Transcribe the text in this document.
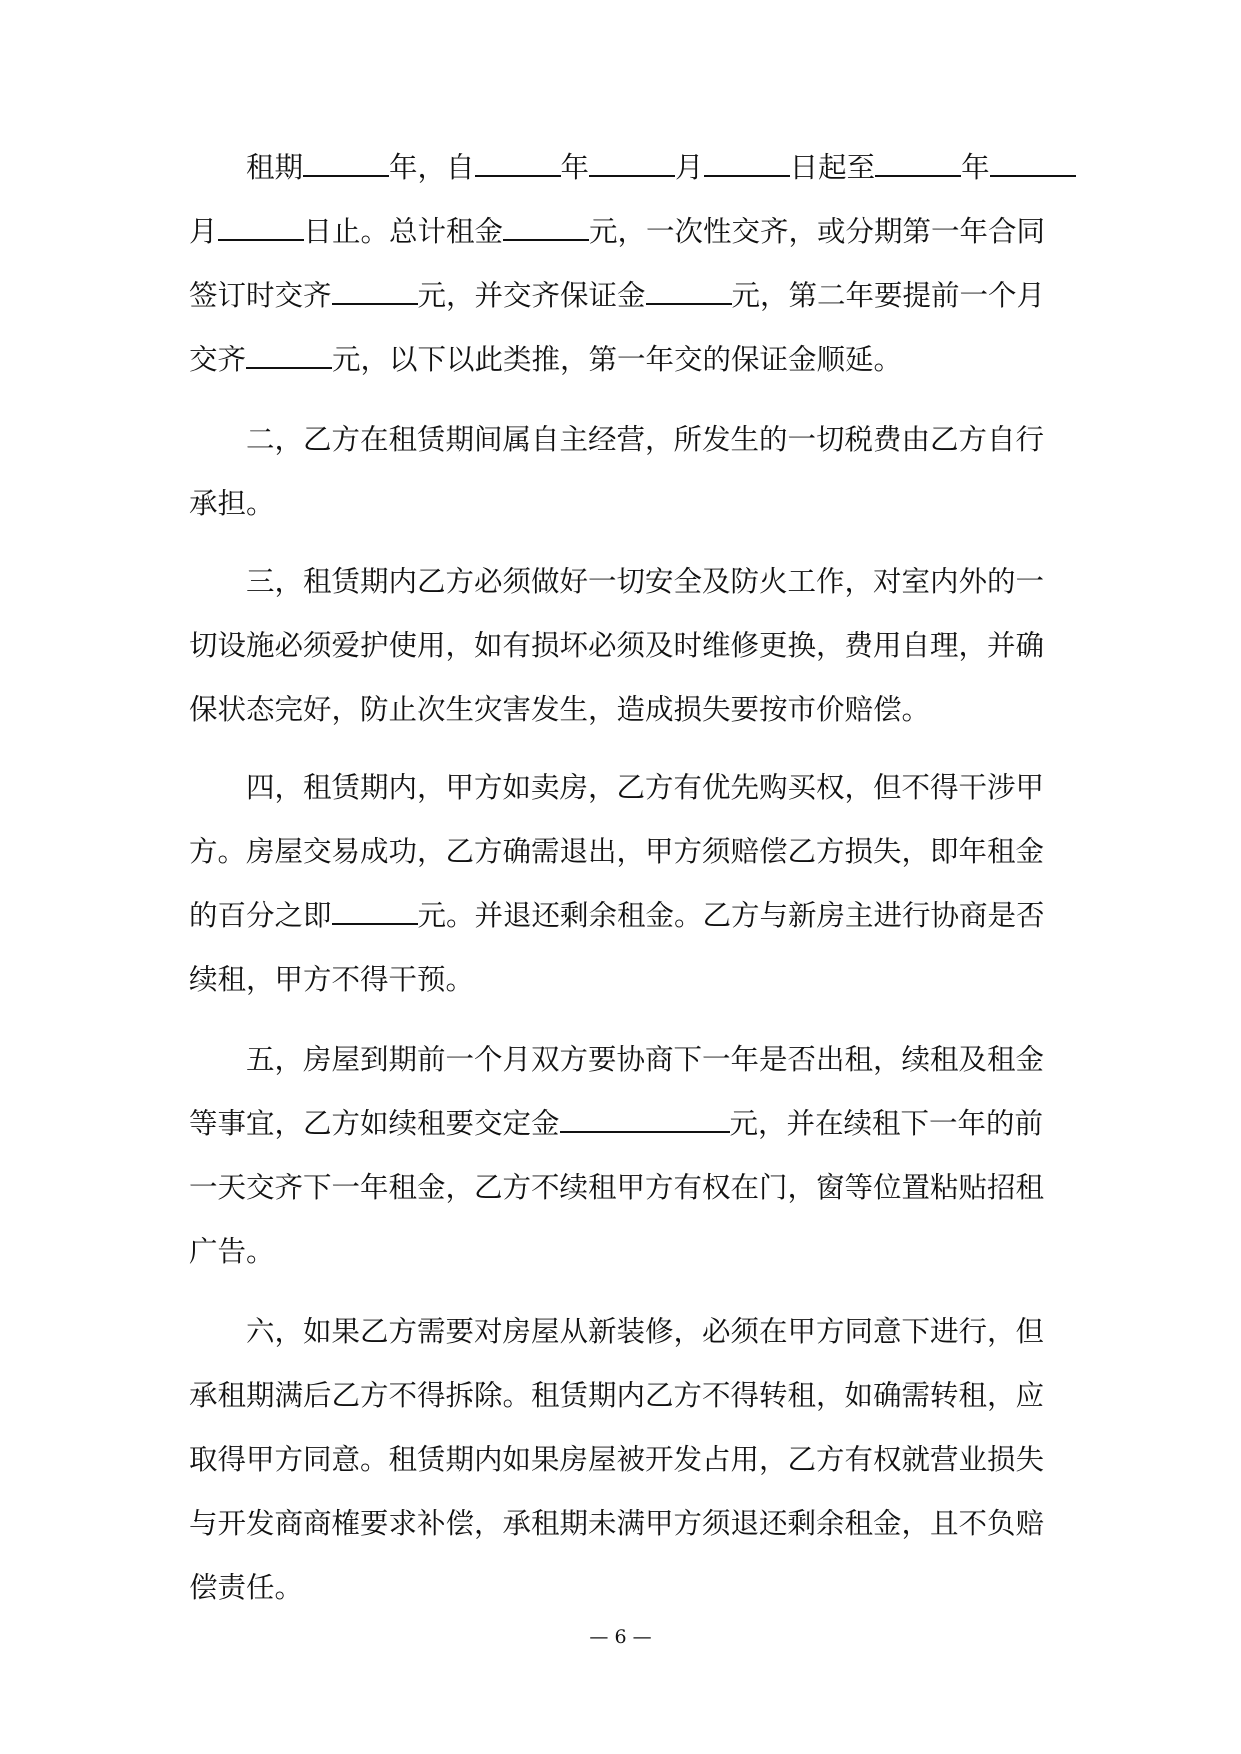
租期	年，自	年	月	日起至	年
月	日止。总计租金	元，一次性交齐，或分期第一年合同
签订时交齐	元，并交齐保证金	元，第二年要提前一个月
交齐	元，以下以此类推，第一年交的保证金顺延。
二，乙方在租赁期间属自主经营，所发生的一切税费由乙方自行
承担。
三，租赁期内乙方必须做好一切安全及防火工作，对室内外的一
切设施必须爱护使用，如有损坏必须及时维修更换，费用自理，并确
保状态完好，防止次生灾害发生，造成损失要按市价赔偿。
四，租赁期内，甲方如卖房，乙方有优先购买权，但不得干涉甲
方。房屋交易成功，乙方确需退出，甲方须赔偿乙方损失，即年租金
的百分之即	元。并退还剩余租金。乙方与新房主进行协商是否
续租，甲方不得干预。
五，房屋到期前一个月双方要协商下一年是否出租，续租及租金
等事宜，乙方如续租要交定金	元，并在续租下一年的前
一天交齐下一年租金，乙方不续租甲方有权在门，窗等位置粘贴招租
广告。
六，如果乙方需要对房屋从新装修，必须在甲方同意下进行，但
承租期满后乙方不得拆除。租赁期内乙方不得转租，如确需转租，应
取得甲方同意。租赁期内如果房屋被开发占用，乙方有权就营业损失
与开发商商榷要求补偿，承租期未满甲方须退还剩余租金，且不负赔
偿责任。
— 6 —
